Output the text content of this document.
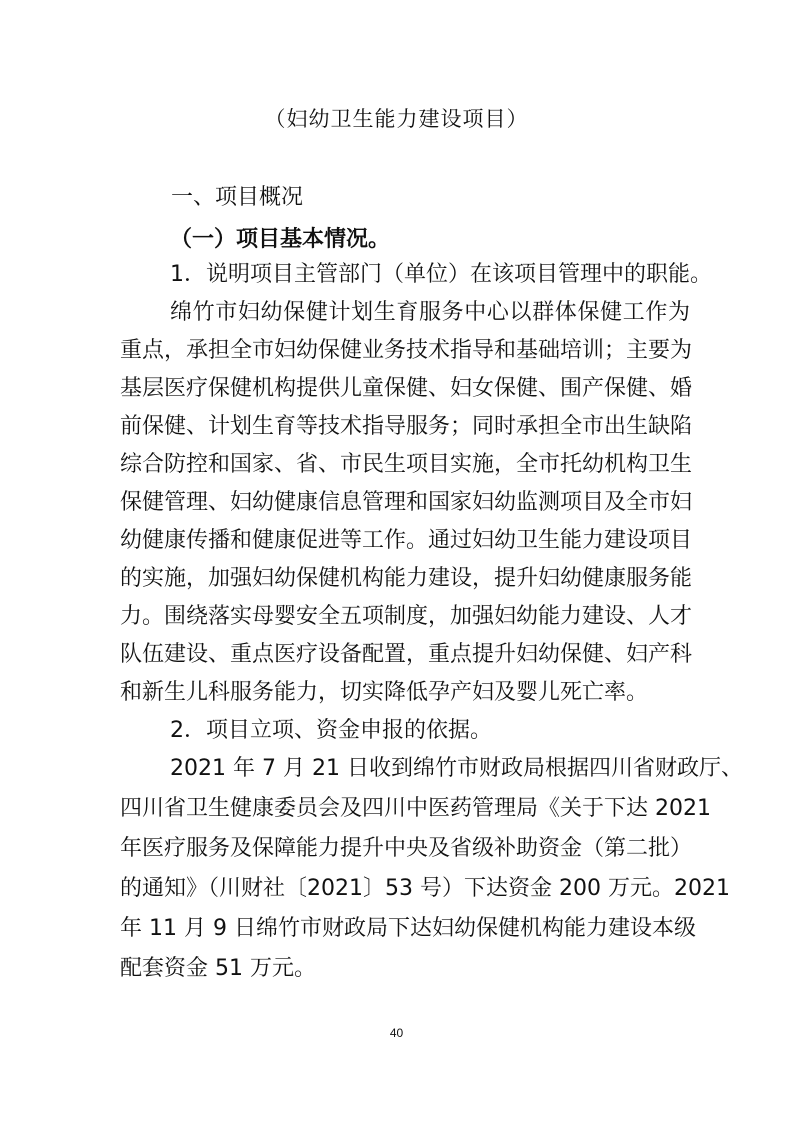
（妇幼卫生能力建设项目）
一、项目概况
（一）项目基本情况。
1．说明项目主管部门（单位）在该项目管理中的职能。
绵竹市妇幼保健计划生育服务中心以群体保健工作为
重点，承担全市妇幼保健业务技术指导和基础培训；主要为
基层医疗保健机构提供儿童保健、妇女保健、围产保健、婚
前保健、计划生育等技术指导服务；同时承担全市出生缺陷
综合防控和国家、省、市民生项目实施，全市托幼机构卫生
保健管理、妇幼健康信息管理和国家妇幼监测项目及全市妇
幼健康传播和健康促进等工作。通过妇幼卫生能力建设项目
的实施，加强妇幼保健机构能力建设，提升妇幼健康服务能
力。围绕落实母婴安全五项制度，加强妇幼能力建设、人才
队伍建设、重点医疗设备配置，重点提升妇幼保健、妇产科
和新生儿科服务能力，切实降低孕产妇及婴儿死亡率。
2．项目立项、资金申报的依据。
2021 年 7 月 21 日收到绵竹市财政局根据四川省财政厅、
四川省卫生健康委员会及四川中医药管理局《关于下达 2021
年医疗服务及保障能力提升中央及省级补助资金（第二批）
的通知》（川财社〔2021〕53 号）下达资金 200 万元。2021
年 11 月 9 日绵竹市财政局下达妇幼保健机构能力建设本级
配套资金 51 万元。
40
